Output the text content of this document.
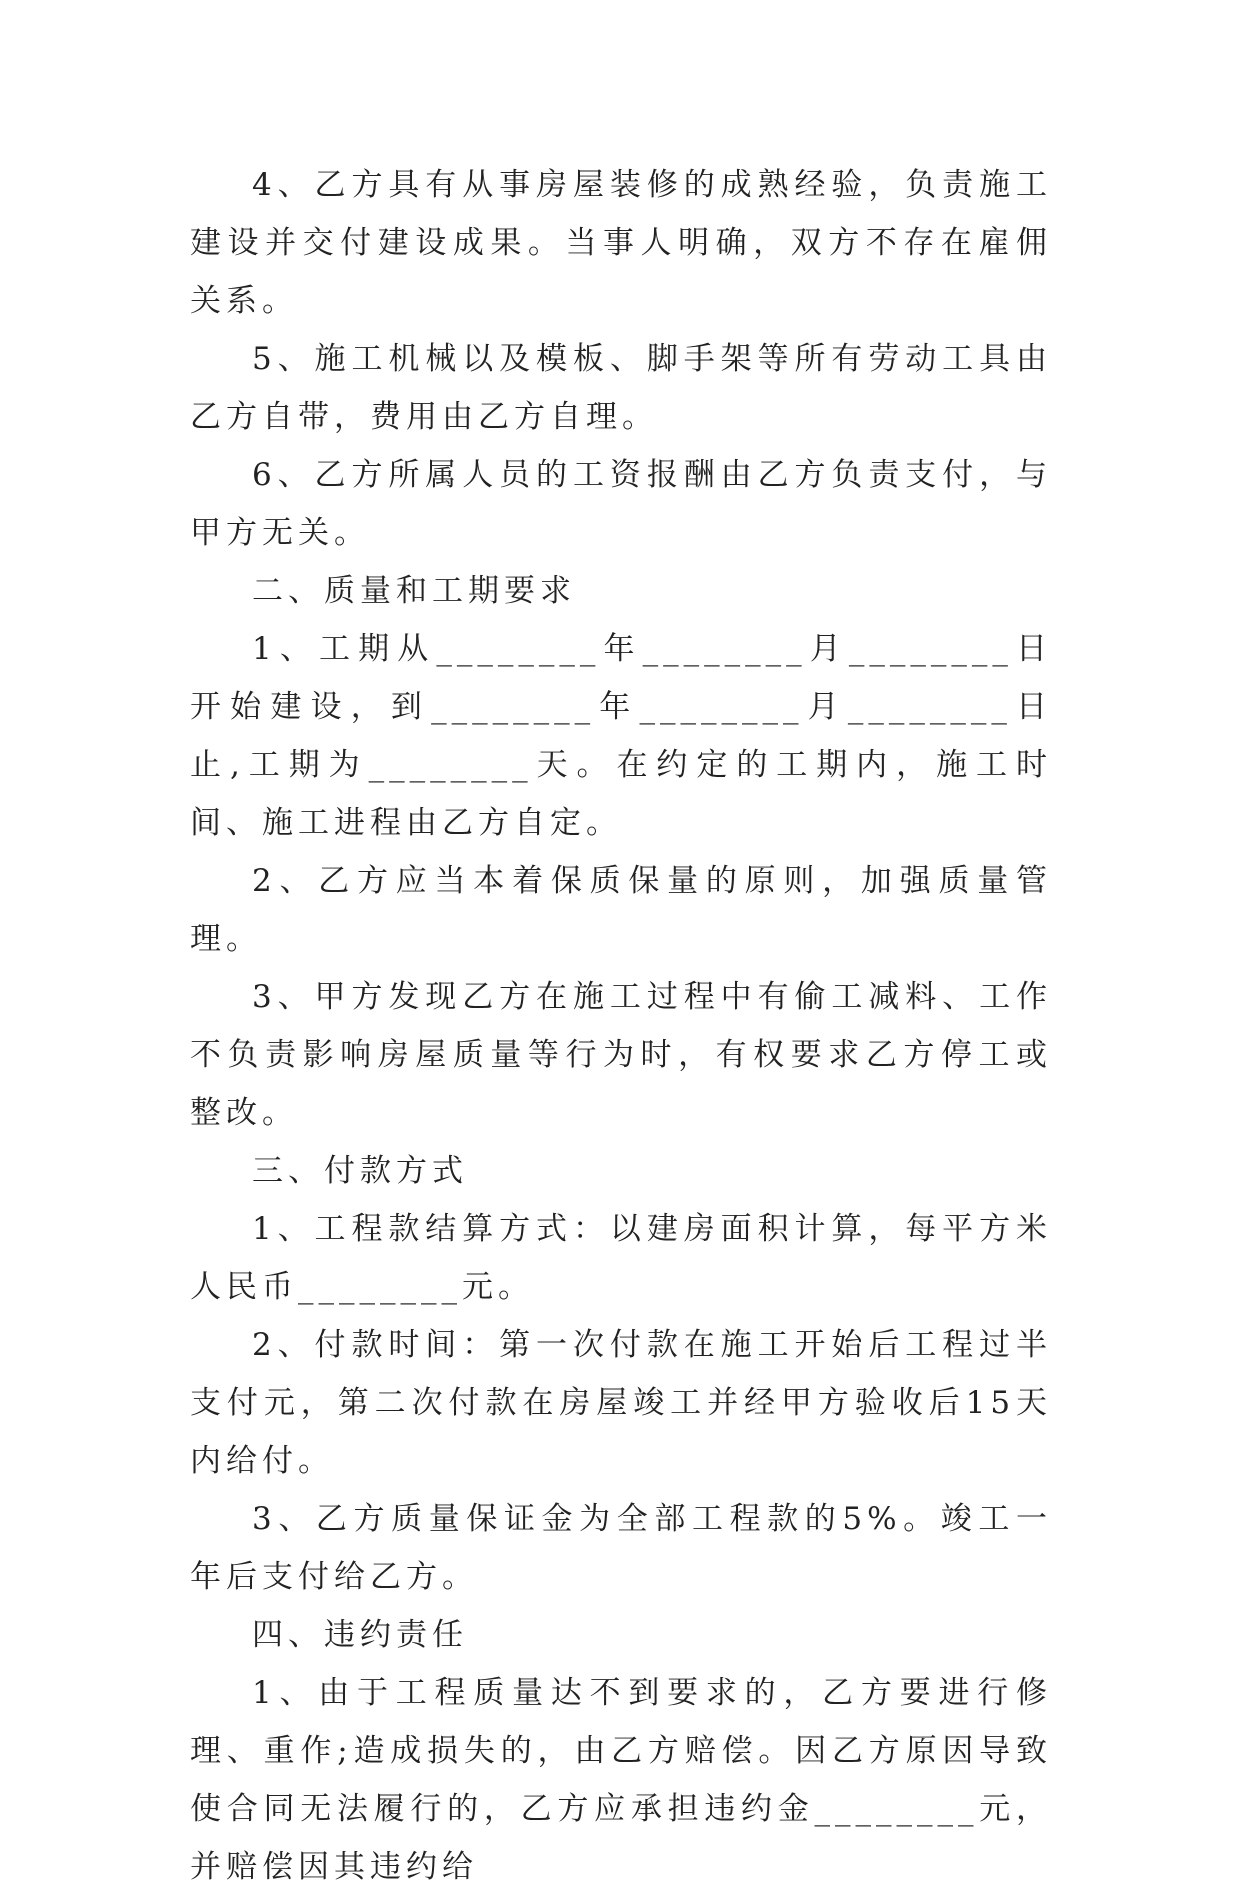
4、乙方具有从事房屋装修的成熟经验，负责施工建设并交付建设成果。当事人明确，双方不存在雇佣关系。

5、施工机械以及模板、脚手架等所有劳动工具由乙方自带，费用由乙方自理。

6、乙方所属人员的工资报酬由乙方负责支付，与甲方无关。

二、质量和工期要求

1、工期从________年________月________日开始建设，到________年________月________日止,工期为________天。在约定的工期内，施工时间、施工进程由乙方自定。

2、乙方应当本着保质保量的原则，加强质量管理。

3、甲方发现乙方在施工过程中有偷工减料、工作不负责影响房屋质量等行为时，有权要求乙方停工或整改。

三、付款方式

1、工程款结算方式：以建房面积计算，每平方米人民币________元。

2、付款时间：第一次付款在施工开始后工程过半支付元，第二次付款在房屋竣工并经甲方验收后15天内给付。

3、乙方质量保证金为全部工程款的5%。竣工一年后支付给乙方。

四、违约责任

1、由于工程质量达不到要求的，乙方要进行修理、重作;造成损失的，由乙方赔偿。因乙方原因导致使合同无法履行的，乙方应承担违约金________元，并赔偿因其违约给
